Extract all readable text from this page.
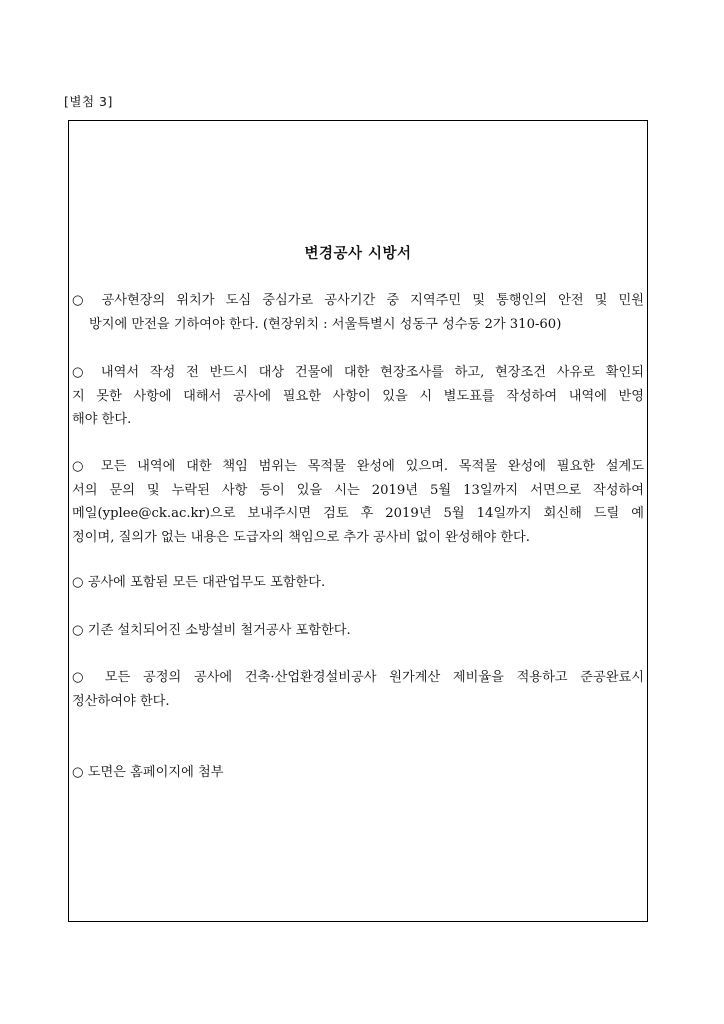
[별첨 3]
변경공사 시방서
○ 공사현장의 위치가 도심 중심가로 공사기간 중 지역주민 및 통행인의 안전 및 민원
방지에 만전을 기하여야 한다. (현장위치 : 서울특별시 성동구 성수동 2가 310-60)
○ 내역서 작성 전 반드시 대상 건물에 대한 현장조사를 하고, 현장조건 사유로 확인되
지 못한 사항에 대해서 공사에 필요한 사항이 있을 시 별도표를 작성하여 내역에 반영
해야 한다.
○ 모든 내역에 대한 책임 범위는 목적물 완성에 있으며. 목적물 완성에 필요한 설계도
서의 문의 및 누락된 사항 등이 있을 시는 2019년 5월 13일까지 서면으로 작성하여
메일(yplee@ck.ac.kr)으로 보내주시면 검토 후 2019년 5월 14일까지 회신해 드릴 예
정이며, 질의가 없는 내용은 도급자의 책임으로 추가 공사비 없이 완성해야 한다.
○ 공사에 포함된 모든 대관업무도 포함한다.
○ 기존 설치되어진 소방설비 철거공사 포함한다.
○ 모든 공정의 공사에 건축·산업환경설비공사 원가계산 제비율을 적용하고 준공완료시
정산하여야 한다.
○ 도면은 홈페이지에 첨부
